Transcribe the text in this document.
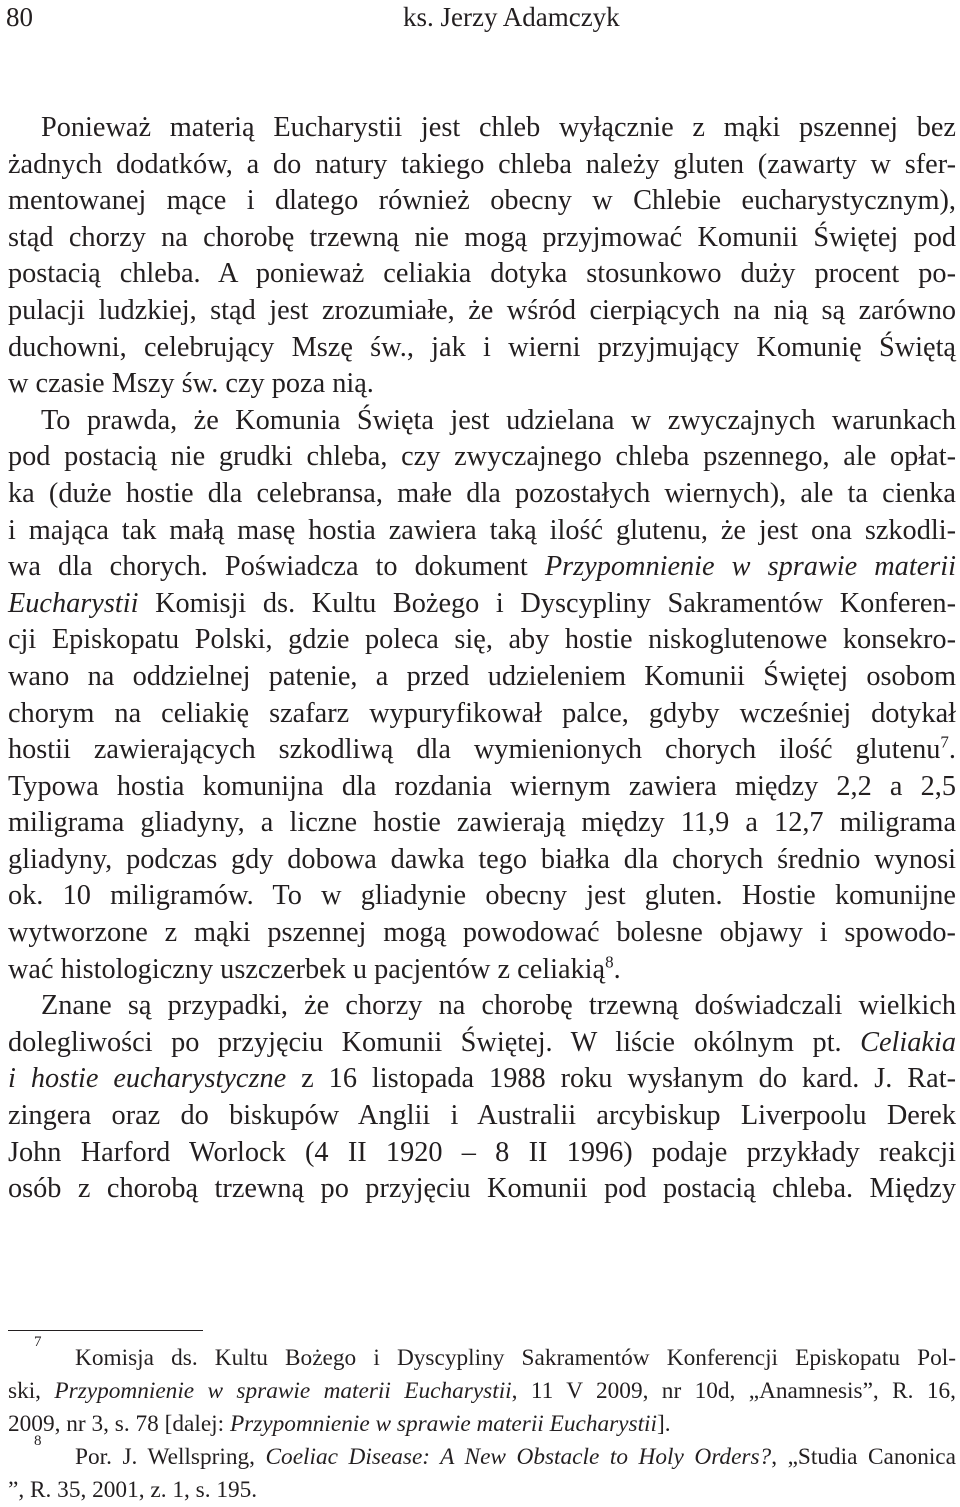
80	ks. Jerzy Adamczyk
Ponieważ materią Eucharystii jest chleb wyłącznie z mąki pszennej bez
żadnych dodatków, a do natury takiego chleba należy gluten (zawarty w sfer-
mentowanej mące i dlatego również obecny w Chlebie eucharystycznym),
stąd chorzy na chorobę trzewną nie mogą przyjmować Komunii Świętej pod
postacią chleba. A ponieważ celiakia dotyka stosunkowo duży procent po-
pulacji ludzkiej, stąd jest zrozumiałe, że wśród cierpiących na nią są zarówno
duchowni, celebrujący Mszę św., jak i wierni przyjmujący Komunię Świętą
w czasie Mszy św. czy poza nią.
To prawda, że Komunia Święta jest udzielana w zwyczajnych warunkach
pod postacią nie grudki chleba, czy zwyczajnego chleba pszennego, ale opłat-
ka (duże hostie dla celebransa, małe dla pozostałych wiernych), ale ta cienka
i mająca tak małą masę hostia zawiera taką ilość glutenu, że jest ona szkodli-
wa dla chorych. Poświadcza to dokument Przypomnienie w sprawie materii
Eucharystii Komisji ds. Kultu Bożego i Dyscypliny Sakramentów Konferen-
cji Episkopatu Polski, gdzie poleca się, aby hostie niskoglutenowe konsekro-
wano na oddzielnej patenie, a przed udzieleniem Komunii Świętej osobom
chorym na celiakię szafarz wypuryfikował palce, gdyby wcześniej dotykał
hostii zawierających szkodliwą dla wymienionych chorych ilość glutenu$^7$.
Typowa hostia komunijna dla rozdania wiernym zawiera między 2,2 a 2,5
miligrama gliadyny, a liczne hostie zawierają między 11,9 a 12,7 miligrama
gliadyny, podczas gdy dobowa dawka tego białka dla chorych średnio wynosi
ok. 10 miligramów. To w gliadynie obecny jest gluten. Hostie komunijne
wytworzone z mąki pszennej mogą powodować bolesne objawy i spowodo-
wać histologiczny uszczerbek u pacjentów z celiakią$^8$.
Znane są przypadki, że chorzy na chorobę trzewną doświadczali wielkich
dolegliwości po przyjęciu Komunii Świętej. W liście okólnym pt. Celiakia
i hostie eucharystyczne z 16 listopada 1988 roku wysłanym do kard. J. Rat-
zingera oraz do biskupów Anglii i Australii arcybiskup Liverpoolu Derek
John Harford Worlock (4 II 1920 – 8 II 1996) podaje przykłady reakcji
osób z chorobą trzewną po przyjęciu Komunii pod postacią chleba. Między
7
Komisja ds. Kultu Bożego i Dyscypliny Sakramentów Konferencji Episkopatu Pol-
ski, Przypomnienie w sprawie materii Eucharystii, 11 V 2009, nr 10d, „Anamnesis”, R. 16,
2009, nr 3, s. 78 [dalej: Przypomnienie w sprawie materii Eucharystii].
8
Por. J. Wellspring, Coeliac Disease: A New Obstacle to Holy Orders?, „Studia Canonica
”, R. 35, 2001, z. 1, s. 195.
